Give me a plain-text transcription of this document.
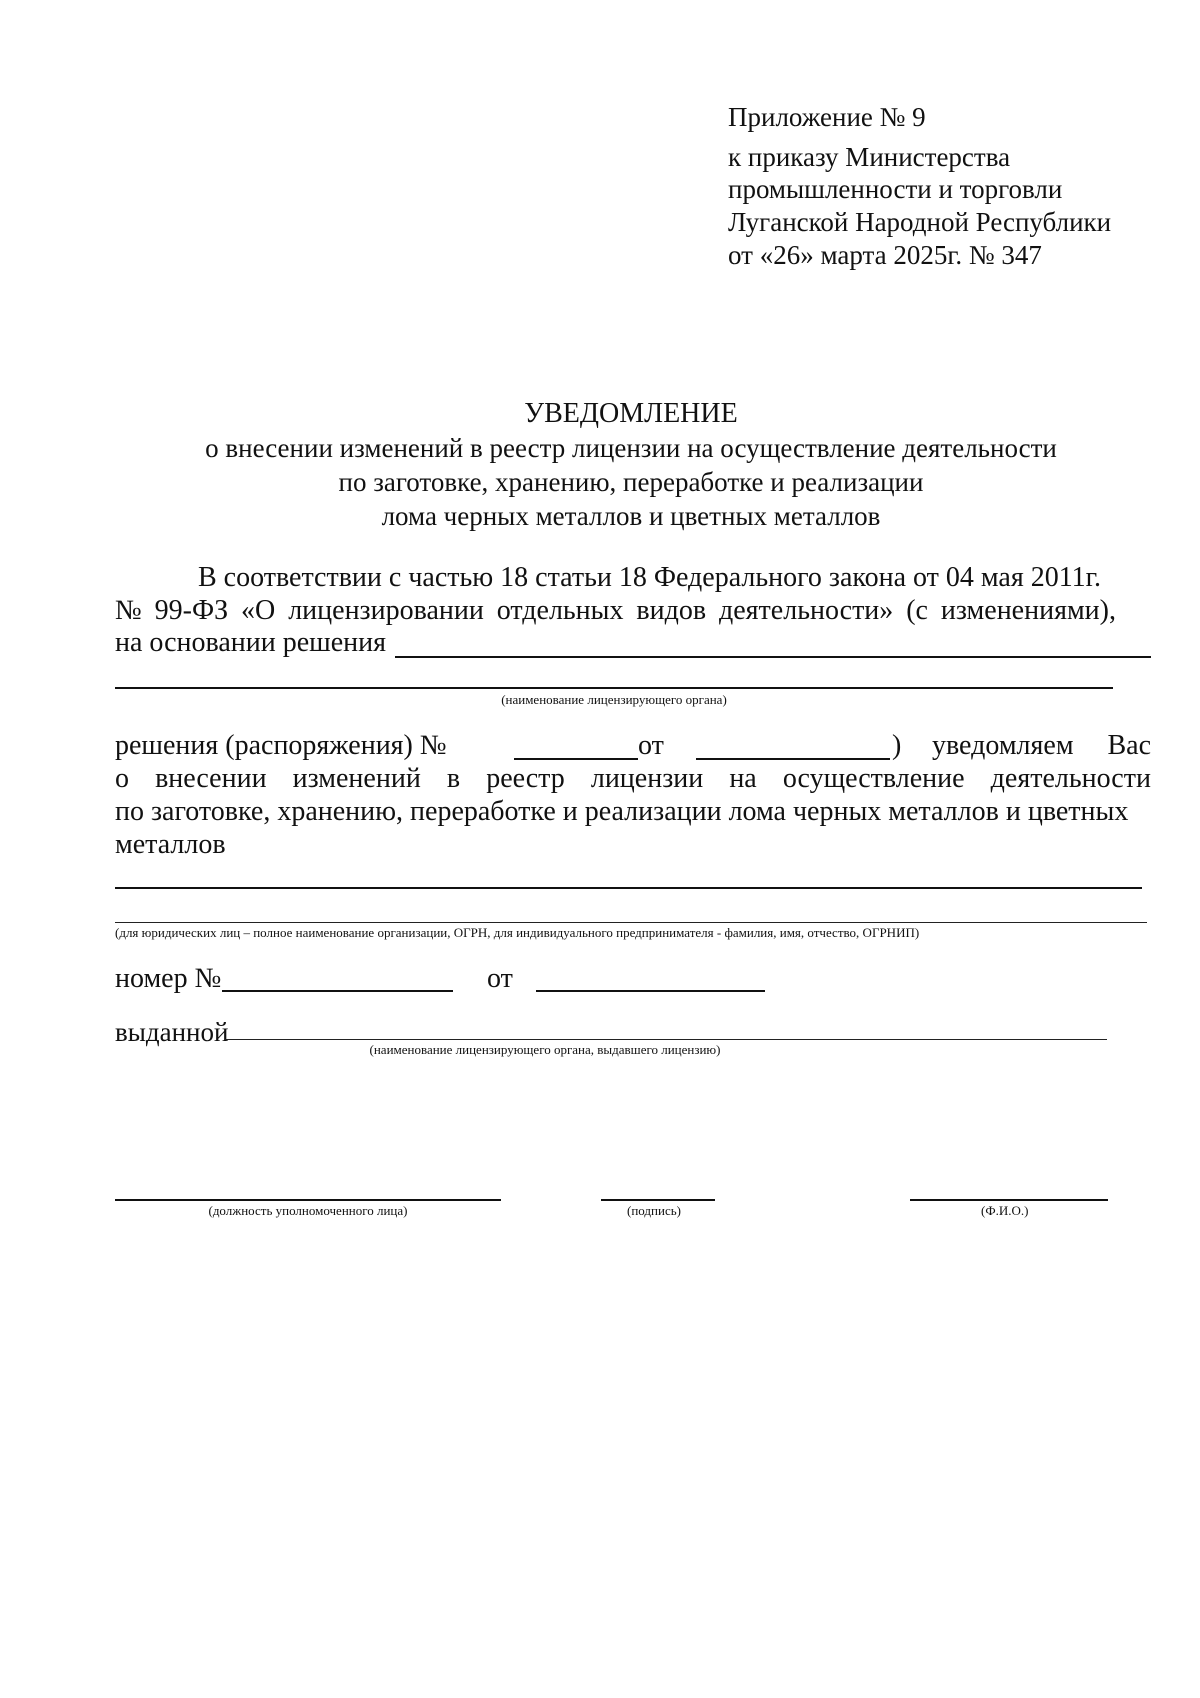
Приложение № 9
к приказу Министерства
промышленности и торговли
Луганской Народной Республики
от «26» марта 2025г. № 347
УВЕДОМЛЕНИЕ
о внесении изменений в реестр лицензии на осуществление деятельности
по заготовке, хранению, переработке и реализации
лома черных металлов и цветных металлов
В соответствии с частью 18 статьи 18 Федерального закона от 04 мая 2011г.
№ 99-ФЗ «О лицензировании отдельных видов деятельности» (с изменениями),
на основании решения
(наименование лицензирующего органа)
решения (распоряжения) №	от	) уведомляем Вас
о внесении изменений в реестр лицензии на осуществление деятельности
по заготовке, хранению, переработке и реализации лома черных металлов и цветных
металлов
(для юридических лиц – полное наименование организации, ОГРН, для индивидуального предпринимателя - фамилия, имя, отчество, ОГРНИП)
номер №	от
выданной
(наименование лицензирующего органа, выдавшего лицензию)
(должность уполномоченного лица)	(подпись)	(Ф.И.О.)
